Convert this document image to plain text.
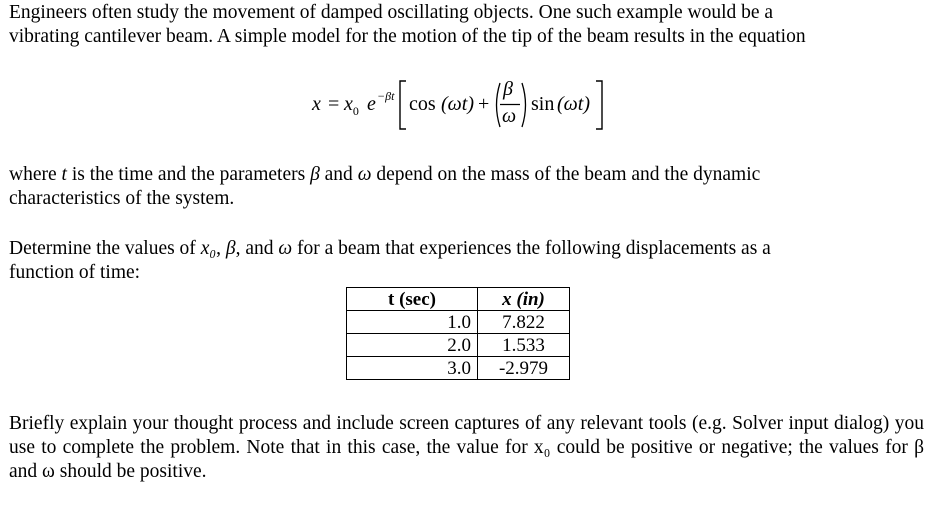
Engineers often study the movement of damped oscillating objects. One such example would be a
vibrating cantilever beam. A simple model for the motion of the tip of the beam results in the equation

$x = x_0$ e −βt cos (ωt) +
β
ω
sin (ωt)

where t is the time and the parameters β and ω depend on the mass of the beam and the dynamic
characteristics of the system.

Determine the values of x₀, β, and ω for a beam that experiences the following displacements as a
function of time:

t (sec)	x (in)
1.0	7.822
2.0	1.533
3.0	-2.979

Briefly explain your thought process and include screen captures of any relevant tools (e.g. Solver input dialog) you use to complete the problem. Note that in this case, the value for x₀ could be positive or negative; the values for β and ω should be positive.
